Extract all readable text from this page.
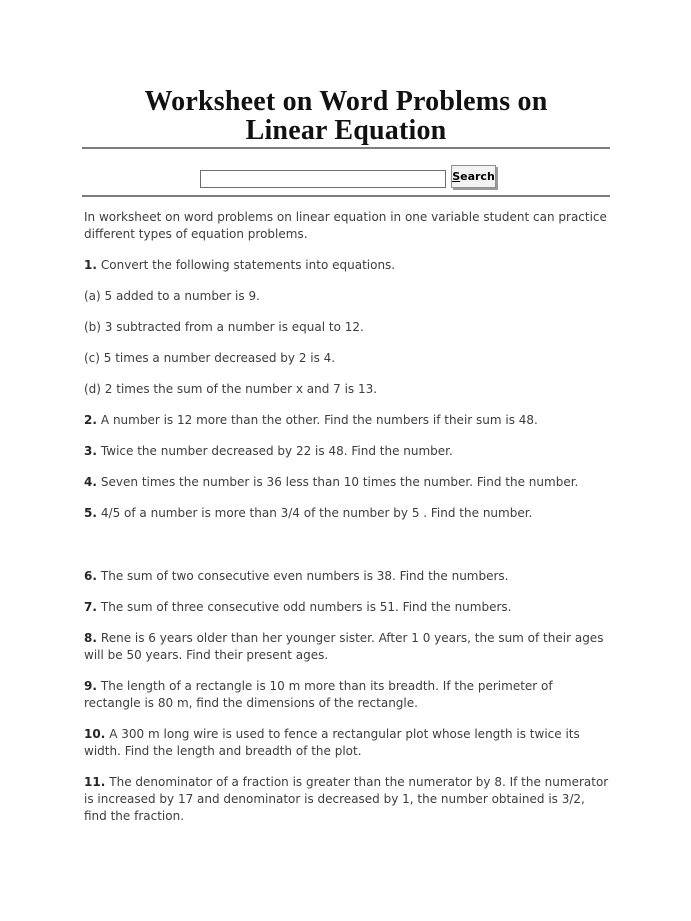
Worksheet on Word Problems on
Linear Equation
Search

In worksheet on word problems on linear equation in one variable student can practice different types of equation problems.

1. Convert the following statements into equations.

(a) 5 added to a number is 9.

(b) 3 subtracted from a number is equal to 12.

(c) 5 times a number decreased by 2 is 4.

(d) 2 times the sum of the number x and 7 is 13.

2. A number is 12 more than the other. Find the numbers if their sum is 48.

3. Twice the number decreased by 22 is 48. Find the number.

4. Seven times the number is 36 less than 10 times the number. Find the number.

5. 4/5 of a number is more than 3/4 of the number by 5 . Find the number.

6. The sum of two consecutive even numbers is 38. Find the numbers.

7. The sum of three consecutive odd numbers is 51. Find the numbers.

8. Rene is 6 years older than her younger sister. After 1 0 years, the sum of their ages will be 50 years. Find their present ages.

9. The length of a rectangle is 10 m more than its breadth. If the perimeter of rectangle is 80 m, find the dimensions of the rectangle.

10. A 300 m long wire is used to fence a rectangular plot whose length is twice its width. Find the length and breadth of the plot.

11. The denominator of a fraction is greater than the numerator by 8. If the numerator is increased by 17 and denominator is decreased by 1, the number obtained is 3/2, find the fraction.
